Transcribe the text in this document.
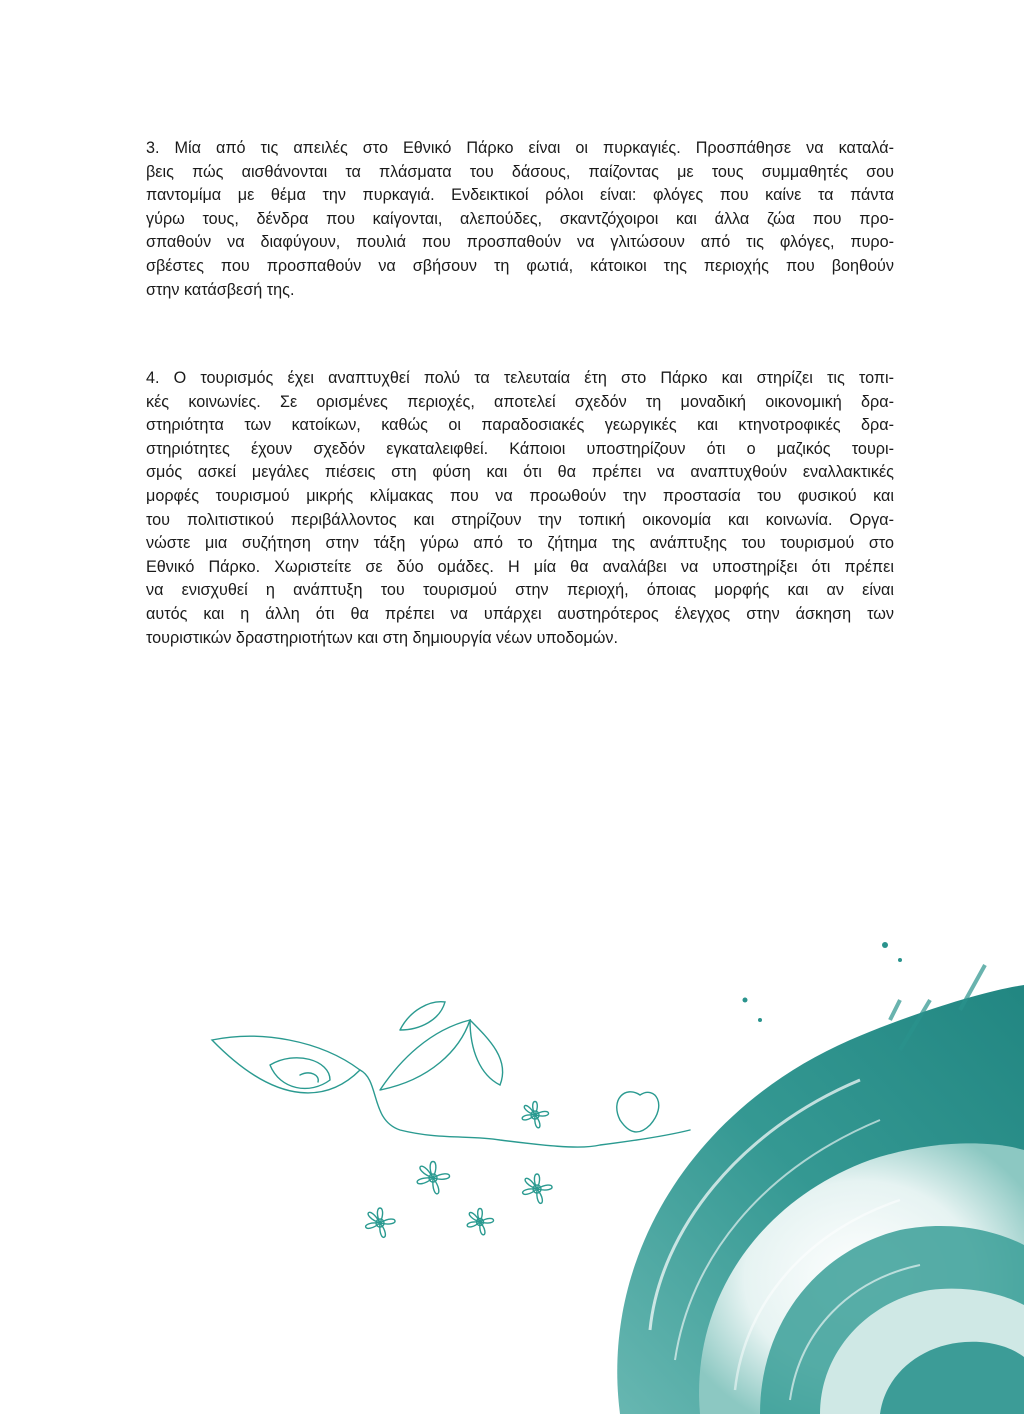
3. Μία από τις απειλές στο Εθνικό Πάρκο είναι οι πυρκαγιές. Προσπάθησε να καταλά-
βεις πώς αισθάνονται τα πλάσματα του δάσους, παίζοντας με τους συμμαθητές σου
παντομίμα με θέμα την πυρκαγιά. Ενδεικτικοί ρόλοι είναι: φλόγες που καίνε τα πάντα
γύρω τους, δένδρα που καίγονται, αλεπούδες, σκαντζόχοιροι και άλλα ζώα που προ-
σπαθούν να διαφύγουν, πουλιά που προσπαθούν να γλιτώσουν από τις φλόγες, πυρο-
σβέστες που προσπαθούν να σβήσουν τη φωτιά, κάτοικοι της περιοχής που βοηθούν
στην κατάσβεσή της.
4. Ο τουρισμός έχει αναπτυχθεί πολύ τα τελευταία έτη στο Πάρκο και στηρίζει τις τοπι-
κές κοινωνίες. Σε ορισμένες περιοχές, αποτελεί σχεδόν τη μοναδική οικονομική δρα-
στηριότητα των κατοίκων, καθώς οι παραδοσιακές γεωργικές και κτηνοτροφικές δρα-
στηριότητες έχουν σχεδόν εγκαταλειφθεί. Κάποιοι υποστηρίζουν ότι ο μαζικός τουρι-
σμός ασκεί μεγάλες πιέσεις στη φύση και ότι θα πρέπει να αναπτυχθούν εναλλακτικές
μορφές τουρισμού μικρής κλίμακας που να προωθούν την προστασία του φυσικού και
του πολιτιστικού περιβάλλοντος και στηρίζουν την τοπική οικονομία και κοινωνία. Οργα-
νώστε μια συζήτηση στην τάξη γύρω από το ζήτημα της ανάπτυξης του τουρισμού στο
Εθνικό Πάρκο. Χωριστείτε σε δύο ομάδες. Η μία θα αναλάβει να υποστηρίξει ότι πρέπει
να ενισχυθεί η ανάπτυξη του τουρισμού στην περιοχή, όποιας μορφής και αν είναι
αυτός και η άλλη ότι θα πρέπει να υπάρχει αυστηρότερος έλεγχος στην άσκηση των
τουριστικών δραστηριοτήτων και στη δημιουργία νέων υποδομών.
